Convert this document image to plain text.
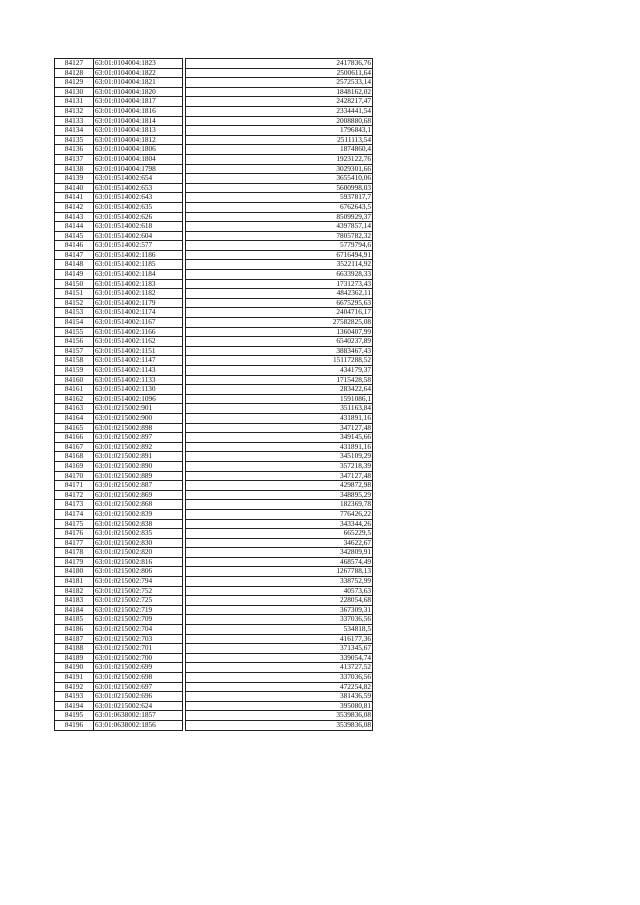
84127	63:01:0104004:1823		2417836,76
84128	63:01:0104004:1822		2500611,64
84129	63:01:0104004:1821		2572533,14
84130	63:01:0104004:1820		1848162,02
84131	63:01:0104004:1817		2428217,47
84132	63:01:0104004:1816		2334441,54
84133	63:01:0104004:1814		2008880,68
84134	63:01:0104004:1813		1796843,1
84135	63:01:0104004:1812		2511113,54
84136	63:01:0104004:1806		1874860,4
84137	63:01:0104004:1804		1923122,76
84138	63:01:0104004:1798		3029301,66
84139	63:01:0514002:654		3655410,06
84140	63:01:0514002:653		5600998,03
84141	63:01:0514002:643		5937817,7
84142	63:01:0514002:635		6762643,5
84143	63:01:0514002:626		8509929,37
84144	63:01:0514002:618		4397857,14
84145	63:01:0514002:604		7805782,32
84146	63:01:0514002:577		5779794,6
84147	63:01:0514002:1186		6716494,91
84148	63:01:0514002:1185		3522114,92
84149	63:01:0514002:1184		6633928,33
84150	63:01:0514002:1183		1731273,43
84151	63:01:0514002:1182		4842362,11
84152	63:01:0514002:1179		6675295,63
84153	63:01:0514002:1174		2404716,17
84154	63:01:0514002:1167		27582825,08
84155	63:01:0514002:1166		1360407,99
84156	63:01:0514002:1162		6540237,89
84157	63:01:0514002:1151		3883467,43
84158	63:01:0514002:1147		15117288,52
84159	63:01:0514002:1143		434179,37
84160	63:01:0514002:1133		1715428,58
84161	63:01:0514002:1130		283422,64
84162	63:01:0514002:1096		1591086,1
84163	63:01:0215002:901		351163,84
84164	63:01:0215002:900		431891,16
84165	63:01:0215002:898		347127,48
84166	63:01:0215002:897		349145,66
84167	63:01:0215002:892		431891,16
84168	63:01:0215002:891		345109,29
84169	63:01:0215002:890		357218,39
84170	63:01:0215002:889		347127,48
84171	63:01:0215002:887		429872,98
84172	63:01:0215002:869		348895,29
84173	63:01:0215002:868		182369,78
84174	63:01:0215002:839		776426,22
84175	63:01:0215002:838		343344,26
84176	63:01:0215002:835		665229,5
84177	63:01:0215002:830		34622,67
84178	63:01:0215002:820		342809,91
84179	63:01:0215002:816		468574,49
84180	63:01:0215002:806		1267788,13
84181	63:01:0215002:794		338752,99
84182	63:01:0215002:752		40573,63
84183	63:01:0215002:725		228054,68
84184	63:01:0215002:719		367309,31
84185	63:01:0215002:709		337036,56
84186	63:01:0215002:704		534818,5
84187	63:01:0215002:703		416177,36
84188	63:01:0215002:701		371345,67
84189	63:01:0215002:700		339054,74
84190	63:01:0215002:699		413727,52
84191	63:01:0215002:698		337036,56
84192	63:01:0215002:697		472254,82
84193	63:01:0215002:696		381436,59
84194	63:01:0215002:624		395080,81
84195	63:01:0638002:1857		3539836,08
84196	63:01:0638002:1856		3539836,08
